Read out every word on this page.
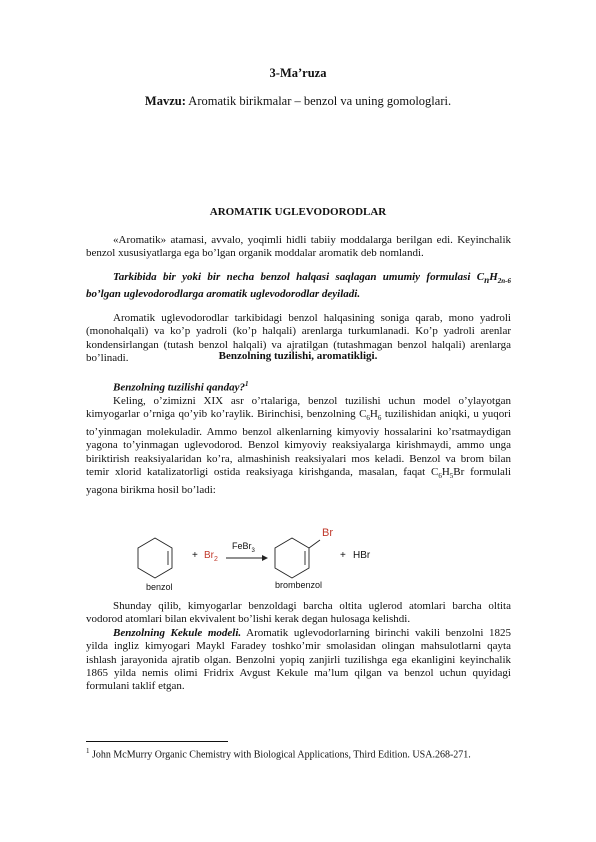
3-Ma’ruza
Mavzu: Aromatik birikmalar – benzol va uning gomologlari.
AROMATIK UGLEVODORODLAR

«Aromatik» atamasi, avvalo, yoqimli hidli tabiiy moddalarga berilgan edi. Keyinchalik benzol xususiyatlarga ega bo’lgan organik moddalar aromatik deb nomlandi.

Tarkibida bir yoki bir necha benzol halqasi saqlagan umumiy formulasi $C_nH_{2n-6}$ bo’lgan uglevodorodlarga aromatik uglevodorodlar deyiladi.

Aromatik uglevodorodlar tarkibidagi benzol halqasining soniga qarab, mono yadroli (monohalqali) va ko’p yadroli (ko’p halqali) arenlarga turkumlanadi. Ko’p yadroli arenlar kondensirlangan (tutash benzol halqali) va ajratilgan (tutashmagan benzol halqali) arenlarga bo’linadi.	Benzolning tuzilishi, aromatikligi.

Benzolning tuzilishi qanday?$^1$

Keling, o’zimizni XIX asr o’rtalariga, benzol tuzilishi uchun model o’ylayotgan kimyogarlar o’rniga qo’yib ko’raylik. Birinchisi, benzolning $C_6H_6$ tuzilishidan aniqki, u yuqori to’yinmagan molekuladir. Ammo benzol alkenlarning kimyoviy hossalarini ko’rsatmaydigan yagona to’yinmagan uglevodorod. Benzol kimyoviy reaksiyalarga kirishmaydi, ammo unga biriktirish reaksiyalaridan ko’ra, almashinish reaksiyalari mos keladi. Benzol va brom bilan temir xlorid katalizatorligi ostida reaksiyaga kirishganda, masalan, faqat $C_6H_5Br$ formulali yagona birikma hosil bo’ladi:

+ $Br_2$
FeBr$_3$
Br
+ HBr
benzol	brombenzol

Shunday qilib, kimyogarlar benzoldagi barcha oltita uglerod atomlari barcha oltita vodorod atomlari bilan ekvivalent bo’lishi kerak degan hulosaga kelishdi.

Benzolning Kekule modeli. Aromatik uglevodorlarning birinchi vakili benzolni 1825 yilda ingliz kimyogari Maykl Faradey toshko’mir smolasidan olingan mahsulotlarni qayta ishlash jarayonida ajratib olgan. Benzolni yopiq zanjirli tuzilishga ega ekanligini keyinchalik 1865 yilda nemis olimi Fridrix Avgust Kekule ma’lum qilgan va benzol uchun quyidagi formulani taklif etgan.

$^1$ John McMurry Organic Chemistry with Biological Applications, Third Edition. USA.268-271.
